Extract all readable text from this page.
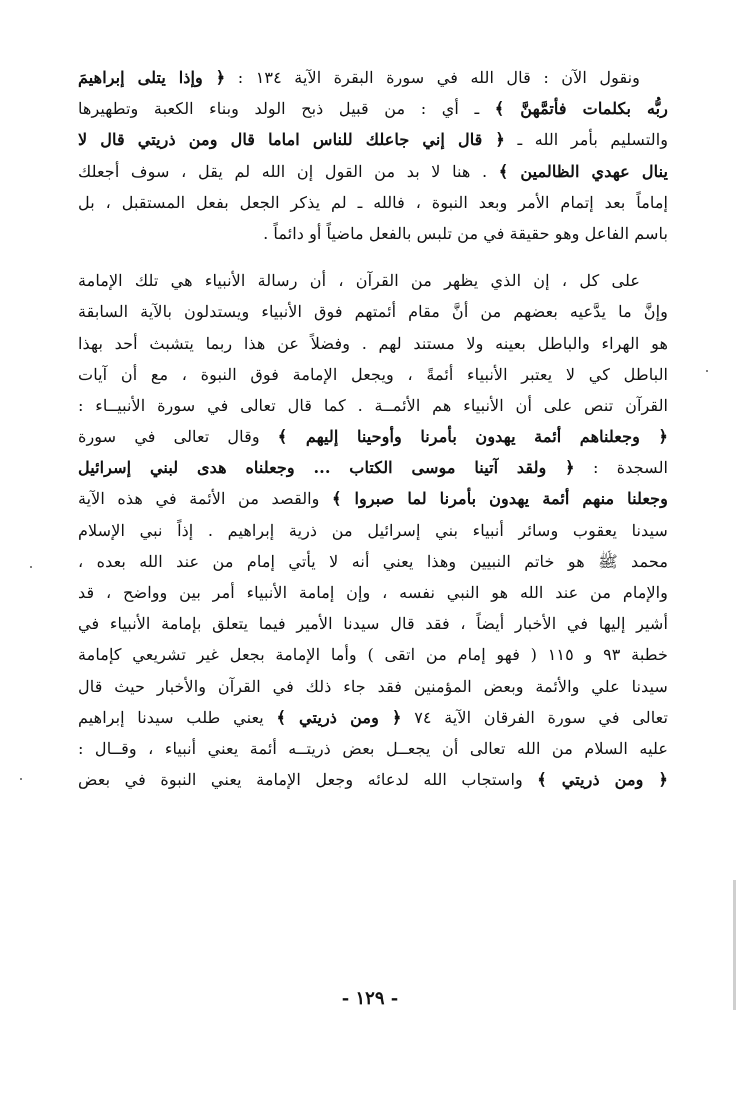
ونقول الآن : قال الله في سورة البقرة الآية ١٣٤ : ﴿ وإذا يتلى إبراهيمَ
ربُّه بكلمات فأتمَّهنَّ ﴾ ـ أي : من قبيل ذبح الولد وبناء الكعبة وتطهيرها
والتسليم بأمر الله ـ ﴿ قال إني جاعلك للناس اماما قال ومن ذريتي قال لا
ينال عهدي الظالمين ﴾ . هنا لا بد من القول إن الله لم يقل ، سوف أجعلك
إماماً بعد إتمام الأمر وبعد النبوة ، فالله ـ لم يذكر الجعل بفعل المستقبل ، بل
باسم الفاعل وهو حقيقة في من تلبس بالفعل ماضياً أو دائماً .
على كل ، إن الذي يظهر من القرآن ، أن رسالة الأنبياء هي تلك الإمامة
وإنَّ ما يدَّعيه بعضهم من أنَّ مقام أئمتهم فوق الأنبياء ويستدلون بالآية السابقة
هو الهراء والباطل بعينه ولا مستند لهم . وفضلاً عن هذا ربما يتشبث أحد بهذا
الباطل كي لا يعتبر الأنبياء أئمةً ، ويجعل الإمامة فوق النبوة ، مع أن آيات
القرآن تنص على أن الأنبياء هم الأئمــة . كما قال تعالى في سورة الأنبيــاء :
﴿ وجعلناهم أئمة يهدون بأمرنا وأوحينا إليهم ﴾ وقال تعالى في سورة
السجدة : ﴿ ولقد آتينا موسى الكتاب ... وجعلناه هدى لبني إسرائيل
وجعلنا منهم أئمة يهدون بأمرنا لما صبروا ﴾ والقصد من الأئمة في هذه الآية
سيدنا يعقوب وسائر أنبياء بني إسرائيل من ذرية إبراهيم . إذاً نبي الإسلام
محمد ﷺ هو خاتم النبيين وهذا يعني أنه لا يأتي إمام من عند الله بعده ،
والإمام من عند الله هو النبي نفسه ، وإن إمامة الأنبياء أمر بين وواضح ، قد
أشير إليها في الأخبار أيضاً ، فقد قال سيدنا الأمير فيما يتعلق بإمامة الأنبياء في
خطبة ٩٣ و ١١٥ ( فهو إمام من اتقى ) وأما الإمامة بجعل غير تشريعي كإمامة
سيدنا علي والأئمة وبعض المؤمنين فقد جاء ذلك في القرآن والأخبار حيث قال
تعالى في سورة الفرقان الآية ٧٤ ﴿ ومن ذريتي ﴾ يعني طلب سيدنا إبراهيم
عليه السلام من الله تعالى أن يجعــل بعض ذريتــه أئمة يعني أنبياء ، وقــال :
﴿ ومن ذريتي ﴾ واستجاب الله لدعائه وجعل الإمامة يعني النبوة في بعض
- ١٢٩ -
